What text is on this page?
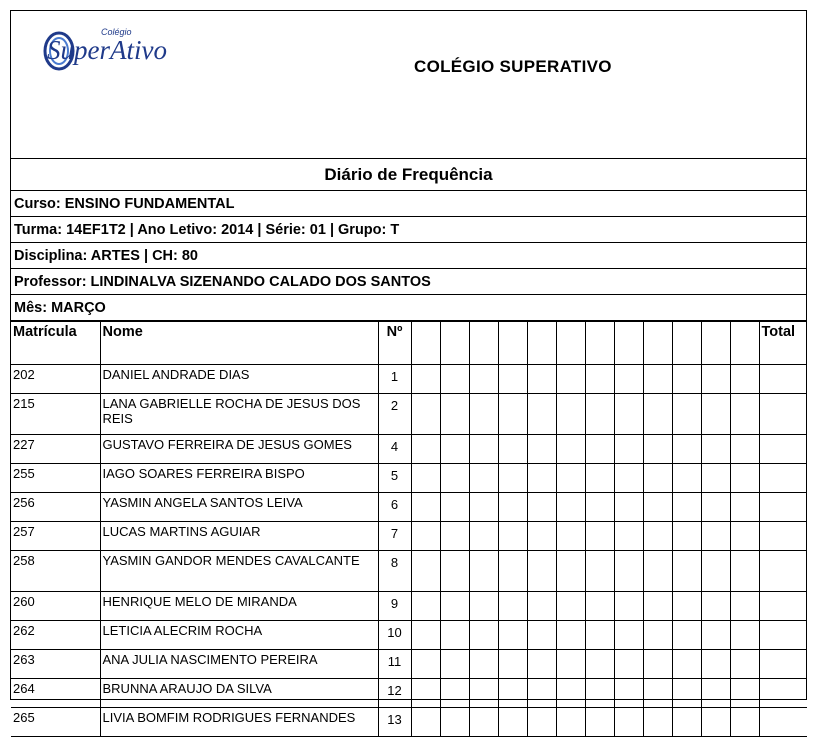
Colégio
SuperAtivo
COLÉGIO SUPERATIVO
Diário de Frequência
Curso: ENSINO FUNDAMENTAL
Turma: 14EF1T2 | Ano Letivo: 2014 | Série: 01 | Grupo: T
Disciplina: ARTES | CH: 80
Professor: LINDINALVA SIZENANDO CALADO DOS SANTOS
Mês: MARÇO
Matrícula	Nome	Nº													Total
202	DANIEL ANDRADE DIAS	1													
215	LANA GABRIELLE ROCHA DE JESUS DOS REIS	2													
227	GUSTAVO FERREIRA DE JESUS GOMES	4													
255	IAGO SOARES FERREIRA BISPO	5													
256	YASMIN ANGELA SANTOS LEIVA	6													
257	LUCAS MARTINS AGUIAR	7													
258	YASMIN GANDOR MENDES CAVALCANTE	8													
260	HENRIQUE MELO DE MIRANDA	9													
262	LETICIA ALECRIM ROCHA	10													
263	ANA JULIA NASCIMENTO PEREIRA	11													
264	BRUNNA ARAUJO DA SILVA	12													
265	LIVIA BOMFIM RODRIGUES FERNANDES	13													
